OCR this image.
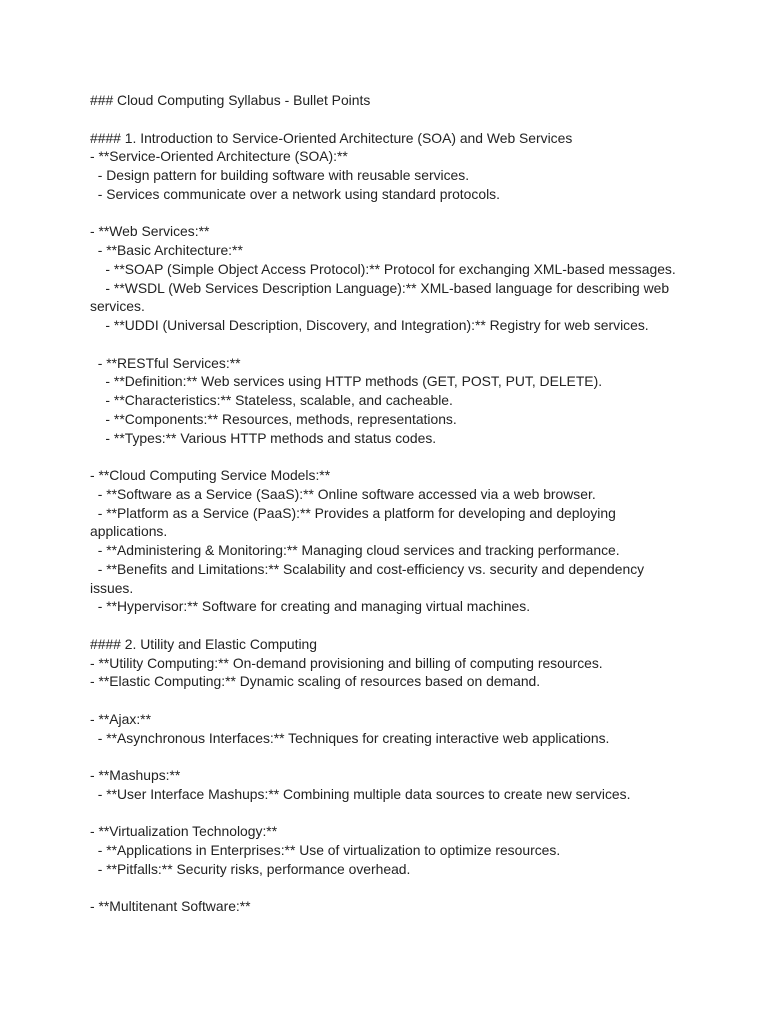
### Cloud Computing Syllabus - Bullet Points
#### 1. Introduction to Service-Oriented Architecture (SOA) and Web Services
- **Service-Oriented Architecture (SOA):**
- Design pattern for building software with reusable services.
- Services communicate over a network using standard protocols.
- **Web Services:**
- **Basic Architecture:**
- **SOAP (Simple Object Access Protocol):** Protocol for exchanging XML-based messages.
- **WSDL (Web Services Description Language):** XML-based language for describing web
services.
- **UDDI (Universal Description, Discovery, and Integration):** Registry for web services.
- **RESTful Services:**
- **Definition:** Web services using HTTP methods (GET, POST, PUT, DELETE).
- **Characteristics:** Stateless, scalable, and cacheable.
- **Components:** Resources, methods, representations.
- **Types:** Various HTTP methods and status codes.
- **Cloud Computing Service Models:**
- **Software as a Service (SaaS):** Online software accessed via a web browser.
- **Platform as a Service (PaaS):** Provides a platform for developing and deploying
applications.
- **Administering & Monitoring:** Managing cloud services and tracking performance.
- **Benefits and Limitations:** Scalability and cost-efficiency vs. security and dependency
issues.
- **Hypervisor:** Software for creating and managing virtual machines.
#### 2. Utility and Elastic Computing
- **Utility Computing:** On-demand provisioning and billing of computing resources.
- **Elastic Computing:** Dynamic scaling of resources based on demand.
- **Ajax:**
- **Asynchronous Interfaces:** Techniques for creating interactive web applications.
- **Mashups:**
- **User Interface Mashups:** Combining multiple data sources to create new services.
- **Virtualization Technology:**
- **Applications in Enterprises:** Use of virtualization to optimize resources.
- **Pitfalls:** Security risks, performance overhead.
- **Multitenant Software:**
